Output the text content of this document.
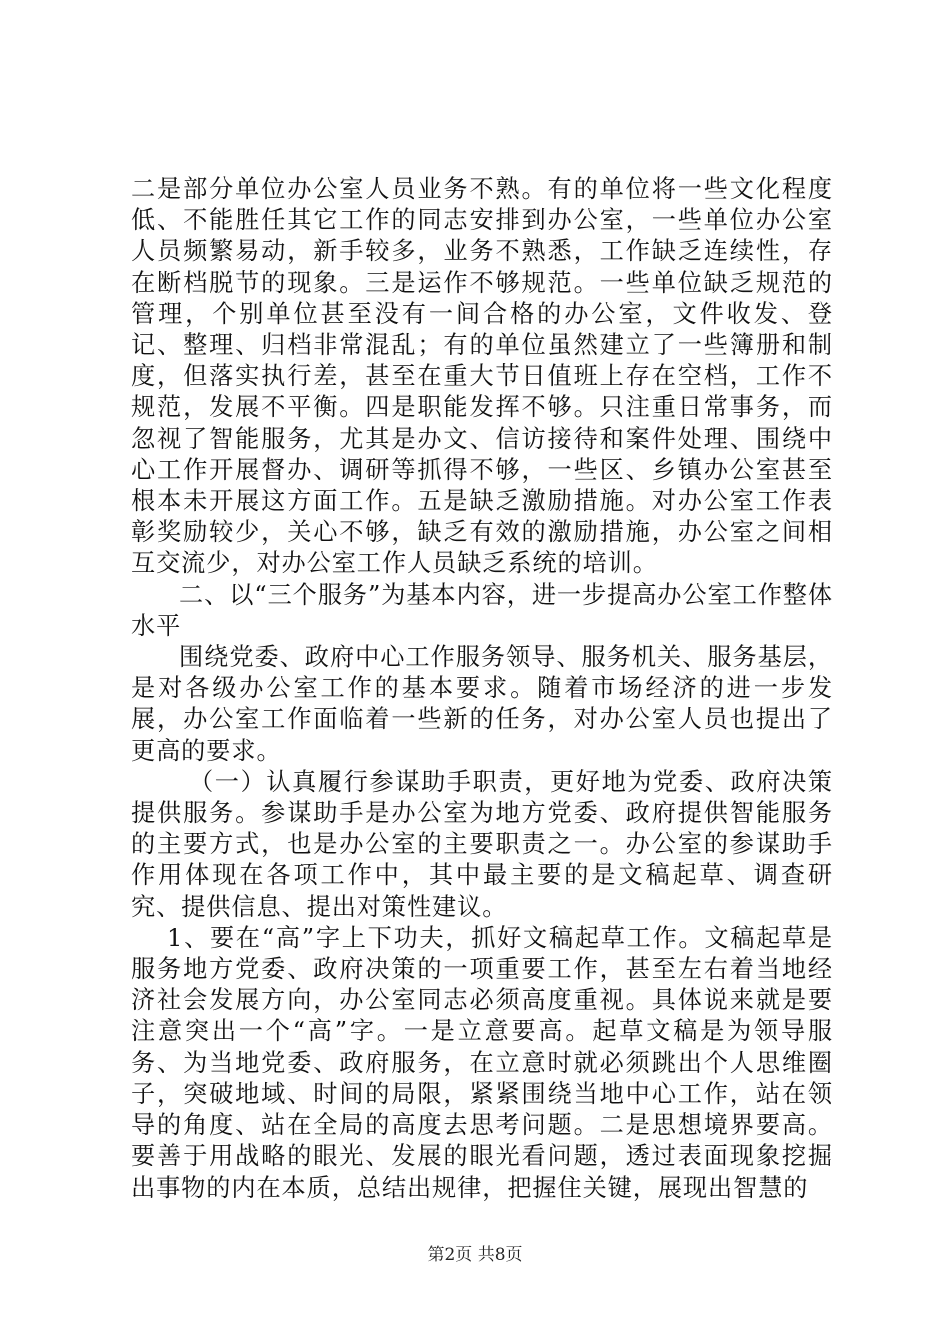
二是部分单位办公室人员业务不熟。有的单位将一些文化程度低、不能胜任其它工作的同志安排到办公室，一些单位办公室人员频繁易动，新手较多，业务不熟悉，工作缺乏连续性，存在断档脱节的现象。三是运作不够规范。一些单位缺乏规范的管理，个别单位甚至没有一间合格的办公室，文件收发、登记、整理、归档非常混乱；有的单位虽然建立了一些簿册和制度，但落实执行差，甚至在重大节日值班上存在空档，工作不规范，发展不平衡。四是职能发挥不够。只注重日常事务，而忽视了智能服务，尤其是办文、信访接待和案件处理、围绕中心工作开展督办、调研等抓得不够，一些区、乡镇办公室甚至根本未开展这方面工作。五是缺乏激励措施。对办公室工作表彰奖励较少，关心不够，缺乏有效的激励措施，办公室之间相互交流少，对办公室工作人员缺乏系统的培训。

二、以“三个服务”为基本内容，进一步提高办公室工作整体水平

围绕党委、政府中心工作服务领导、服务机关、服务基层，是对各级办公室工作的基本要求。随着市场经济的进一步发展，办公室工作面临着一些新的任务，对办公室人员也提出了更高的要求。

（一）认真履行参谋助手职责，更好地为党委、政府决策提供服务。参谋助手是办公室为地方党委、政府提供智能服务的主要方式，也是办公室的主要职责之一。办公室的参谋助手作用体现在各项工作中，其中最主要的是文稿起草、调查研究、提供信息、提出对策性建议。

1、要在“高”字上下功夫，抓好文稿起草工作。文稿起草是服务地方党委、政府决策的一项重要工作，甚至左右着当地经济社会发展方向，办公室同志必须高度重视。具体说来就是要注意突出一个“高”字。一是立意要高。起草文稿是为领导服务、为当地党委、政府服务，在立意时就必须跳出个人思维圈子，突破地域、时间的局限，紧紧围绕当地中心工作，站在领导的角度、站在全局的高度去思考问题。二是思想境界要高。要善于用战略的眼光、发展的眼光看问题，透过表面现象挖掘出事物的内在本质，总结出规律，把握住关键，展现出智慧的

第2页 共8页
